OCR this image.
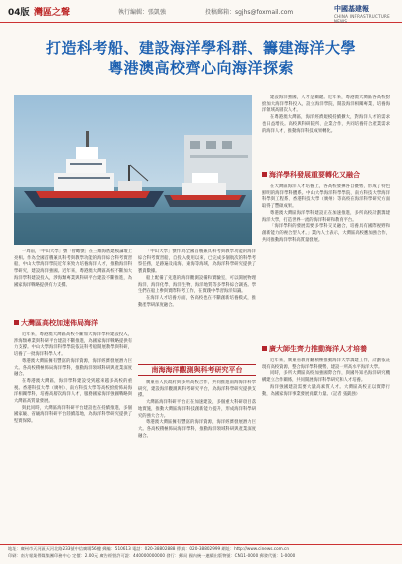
04版 灣區之聲	執行編輯：張凱強	投稿郵箱：sgjhs@foxmail.com	中國基建報
CHINA INFRASTRUCTURE NEWS

打造科考船、建設海洋學科群、籌建海洋大學

粵港澳高校齊心向海洋探索

一周前，「中山大學」號「智瞰號」在三維海底建模論壇上亮相。作為全國首艘兼具科考與教學功能的海洋綜合科考實習船，中山大學海洋學院近年來致力培養海洋人才，推動海洋科學研究，建設海洋強國。近年來，粵港澳大灣區高校不斷加大海洋學科建設投入，涉海類專業與科研平台建設不斷推進，為國家海洋戰略提供有力支撐。

大灣區高校加速佈局海洋

近年來，粵港澳大灣區高校不斷加大海洋學科建設投入，涉海類專業與科研平台建設不斷推進，為國家海洋戰略提供有力支撐。中山大學海洋科學學院依託科考船開展教學與科研，培養了一批海洋科學人才。

粵港澳大灣區擁有豐富的海洋資源，海洋經濟發展潛力巨大。各高校積極佈局海洋學科，推動海洋領域科研與產業深度融合。

在粵港澳大灣區，海洋學科建設受到越來越多高校的重視。香港科技大學（廣州）、南方科技大學等高校紛紛佈局海洋相關學科，培養高層次海洋人才，服務國家海洋強國戰略與大灣區高質量發展。

與此同時，大灣區海洋科研平台建設也在持續推進，多個國家級、省級海洋科研平台陸續落地，為海洋科學研究提供了堅實保障。

「中山大學」號作為全國首艘兼具科考與教學功能的海洋綜合科考實習船，自投入使用以來，已完成多個航次的科學考察任務，足跡遍及南海、東海等海域，為海洋科學研究提供了寶貴數據。

船上配備了先進的海洋觀測設備和實驗室，可以開展物理海洋、海洋化學、海洋生物、海洋地質等多學科綜合調查。學生們在船上參與實際科考工作，在實踐中學習海洋知識。

在海洋人才培養方面，各高校也在不斷創新培養模式，推動產學研深度融合。

南海海洋觀測與科考研究平台

廣東省人民政府與多所高校合作，共同推進南海海洋科學研究，建設海洋觀測與科考研究平台，為海洋科學研究提供支撐。

大灣區海洋科研平台正在加速建設，多個重大科研項目落地實施，推動大灣區海洋科技創新能力提升，形成海洋科學研究的強大合力。

粵港澳大灣區擁有豐富的海洋資源，海洋經濟發展潛力巨大。各高校積極佈局海洋學科，推動海洋領域科研與產業深度融合。

建設海洋強國，人才是關鍵。近年來，粵港澳大灣區各高校紛紛加大海洋學科投入，設立海洋學院，開設海洋相關專業，培養海洋領域高層次人才。

在粵港澳大灣區，海洋經濟規模持續擴大，對海洋人才的需求也日益增長。高校與科研院所、企業合作，共同培養符合產業需求的海洋人才，推動海洋科技成果轉化。

海洋學科發展重要轉化又融合

在大灣區海洋人才培養上，各高校發揮各自優勢，形成了特色鮮明的海洋學科體系。中山大學海洋科學學院、南方科技大學海洋科學與工程系、香港科技大學（廣州）等高校在海洋科學研究方面取得了豐碩成果。

粵港澳大灣區海洋學科建設正在加速推進，多所高校計劃籌建海洋大學，打造世界一流的海洋科研和教育平台。

「海洋學科的發展需要多學科交叉融合，培養具有國際視野和創新能力的複合型人才。」業內人士表示，大灣區高校應加強合作，共同推動海洋學科高質量發展。

廣大師生齊力推動海洋人才培養

近年來，廣東省教育廳積極推動海洋大學籌建工作，計劃依託現有高校資源，整合海洋學科優勢，建設一所高水平海洋大學。

同時，多所大灣區高校加強國際合作，與國外知名海洋研究機構建立合作關係，共同開展海洋科學研究和人才培養。

海洋強國建設需要大量高素質人才。大灣區高校正以實際行動，為國家海洋事業發展貢獻力量。（記者 張凱強）

地址：廣州市天河區天河北路233號中信廣場56樓 郵編：510613 電話：020-38802888 傳真：020-38802999 網址：http://www.cinews.com.cn
印刷：南方報業傳媒集團印務中心 定價：2.00元 廣告經營許可證：440000000000 發行：郵局 國內統一連續出版物號：CN11-0000 郵發代號：1-0000
